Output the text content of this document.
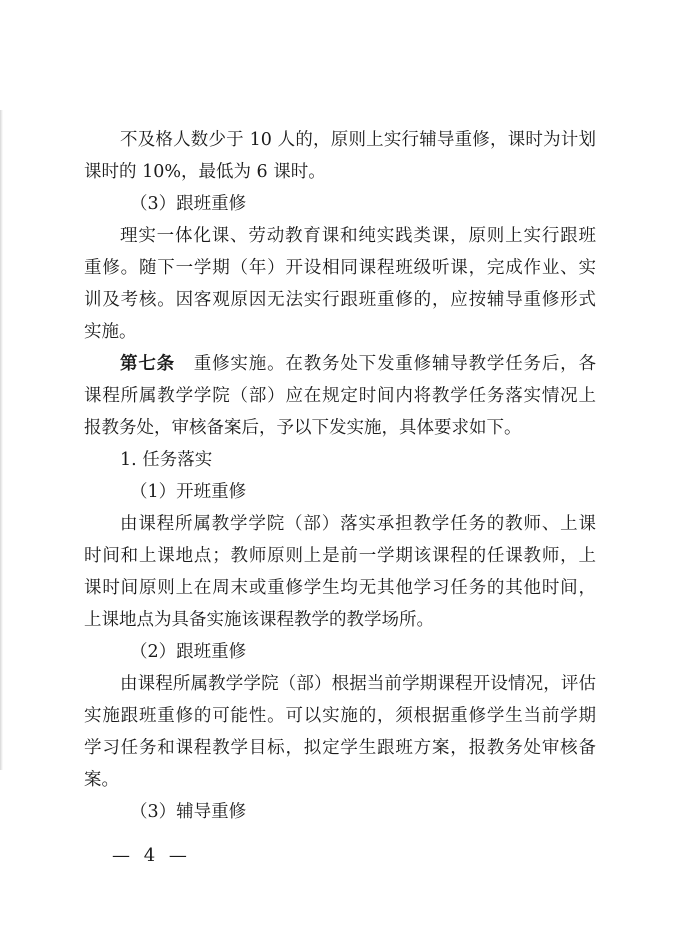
不及格人数少于 10 人的，原则上实行辅导重修，课时为计划
课时的 10%，最低为 6 课时。
（3）跟班重修
理实一体化课、劳动教育课和纯实践类课，原则上实行跟班
重修。随下一学期（年）开设相同课程班级听课，完成作业、实
训及考核。因客观原因无法实行跟班重修的，应按辅导重修形式
实施。
第七条 重修实施。在教务处下发重修辅导教学任务后，各
课程所属教学学院（部）应在规定时间内将教学任务落实情况上
报教务处，审核备案后，予以下发实施，具体要求如下。
1. 任务落实
（1）开班重修
由课程所属教学学院（部）落实承担教学任务的教师、上课
时间和上课地点；教师原则上是前一学期该课程的任课教师，上
课时间原则上在周末或重修学生均无其他学习任务的其他时间，
上课地点为具备实施该课程教学的教学场所。
（2）跟班重修
由课程所属教学学院（部）根据当前学期课程开设情况，评估
实施跟班重修的可能性。可以实施的，须根据重修学生当前学期
学习任务和课程教学目标，拟定学生跟班方案，报教务处审核备
案。
（3）辅导重修
— 4 —
